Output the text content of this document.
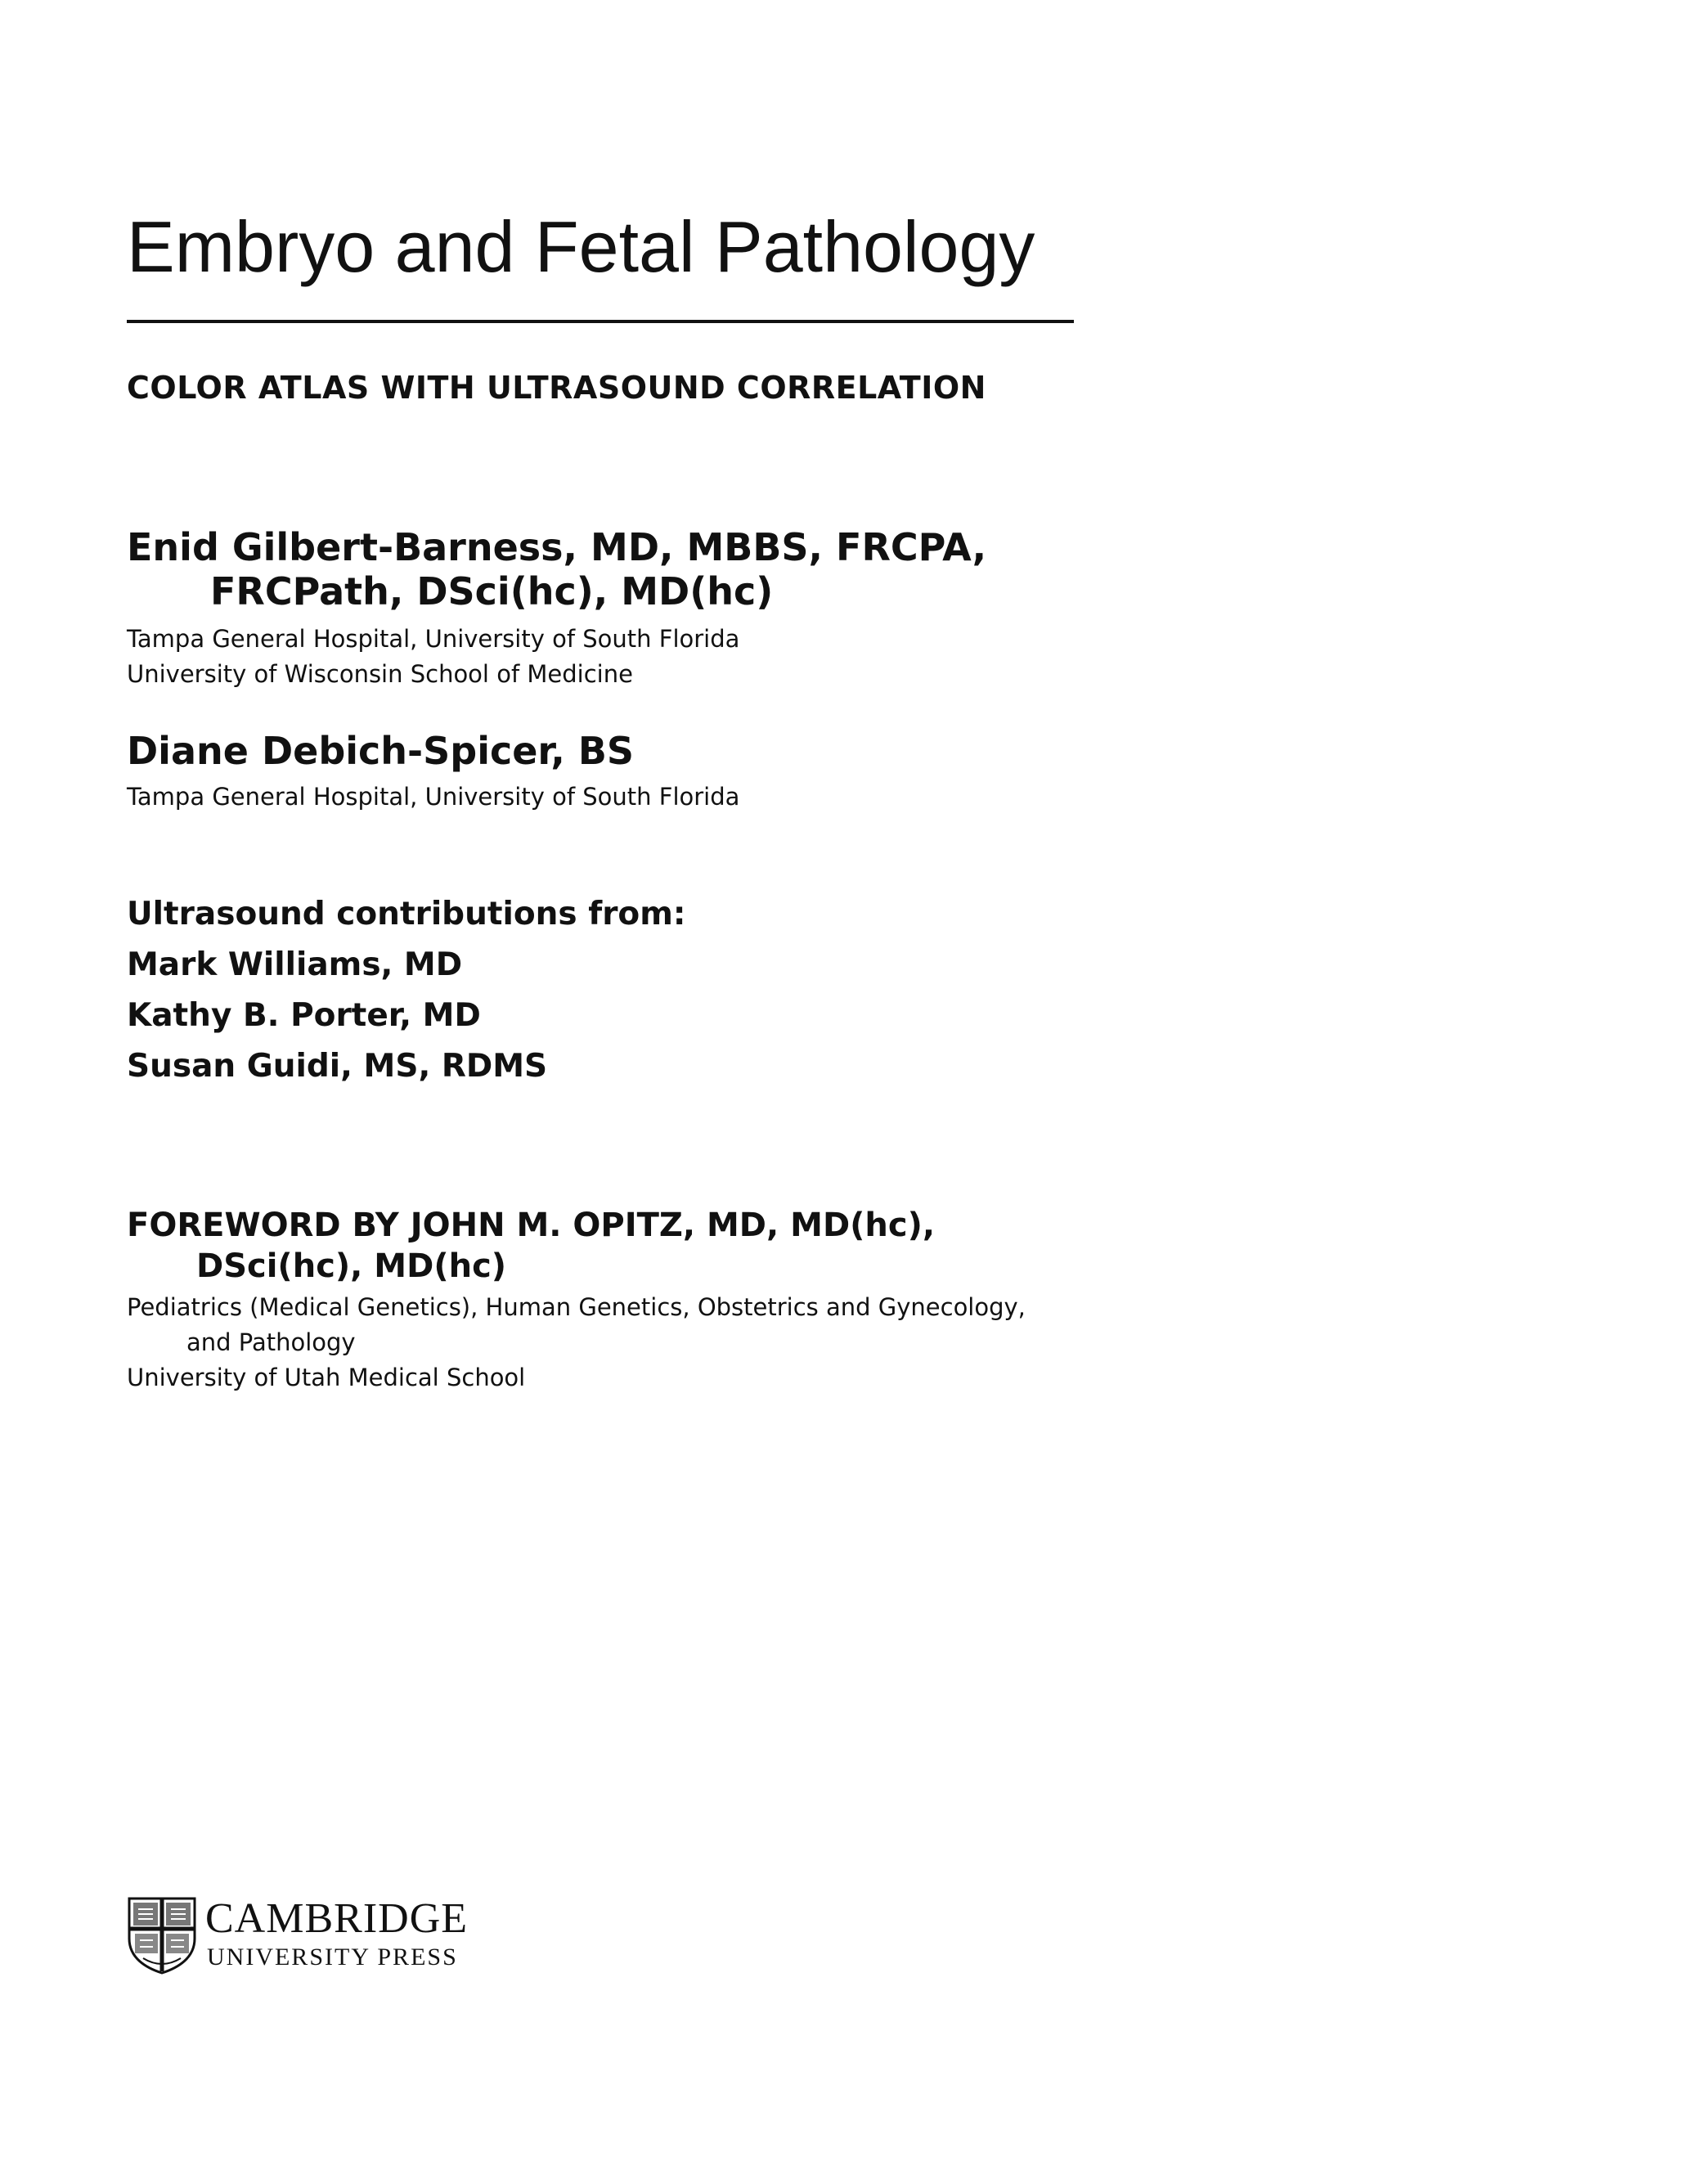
Embryo and Fetal Pathology
COLOR ATLAS WITH ULTRASOUND CORRELATION
Enid Gilbert-Barness, MD, MBBS, FRCPA,
FRCPath, DSci(hc), MD(hc)
Tampa General Hospital, University of South Florida
University of Wisconsin School of Medicine
Diane Debich-Spicer, BS
Tampa General Hospital, University of South Florida
Ultrasound contributions from:
Mark Williams, MD
Kathy B. Porter, MD
Susan Guidi, MS, RDMS
FOREWORD BY JOHN M. OPITZ, MD, MD(hc),
DSci(hc), MD(hc)
Pediatrics (Medical Genetics), Human Genetics, Obstetrics and Gynecology,
and Pathology
University of Utah Medical School
CAMBRIDGE
UNIVERSITY PRESS
